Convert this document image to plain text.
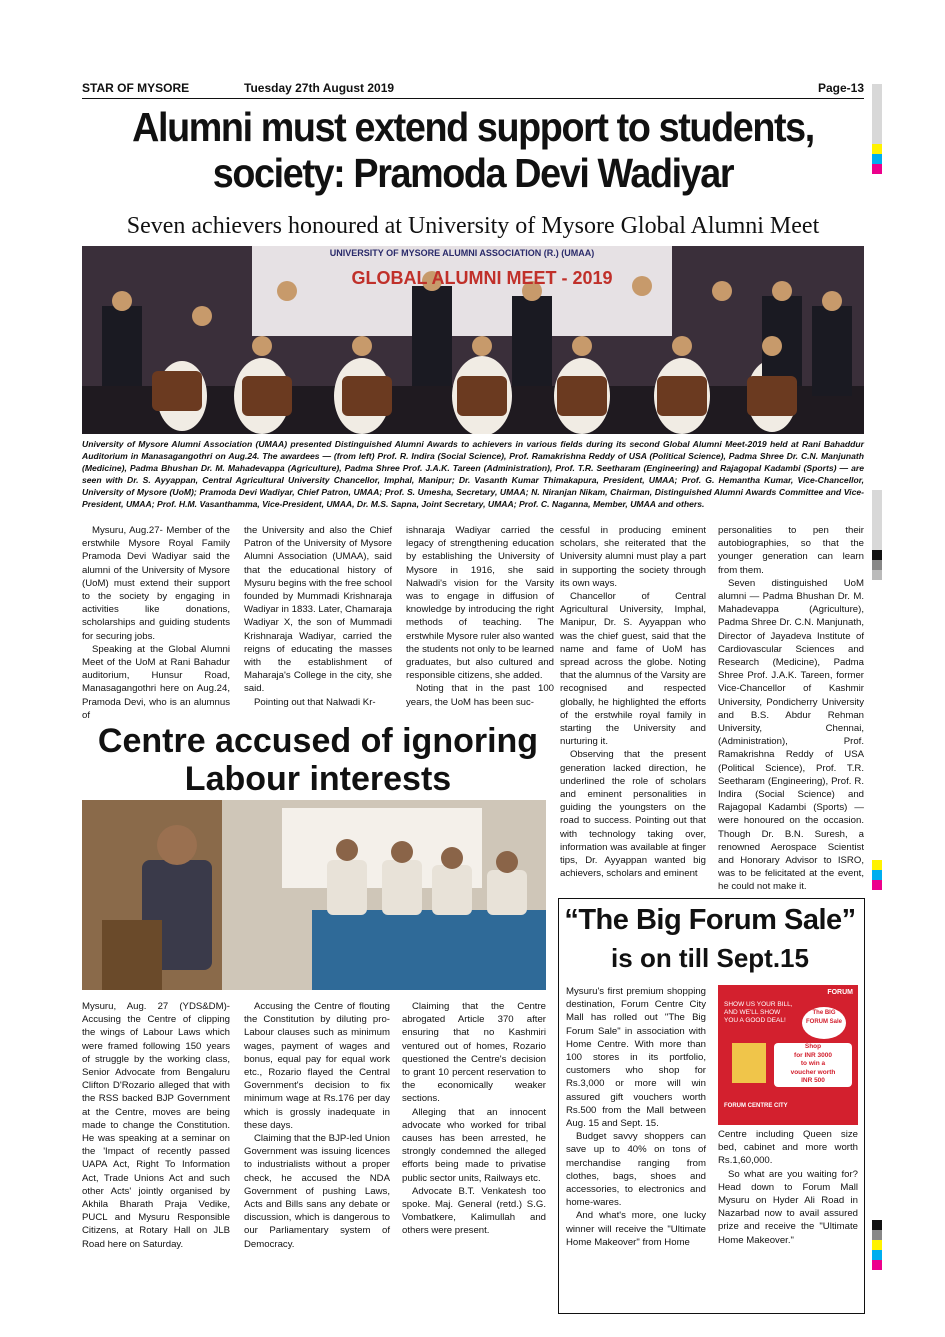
STAR OF MYSORE	Tuesday 27th August 2019	Page-13
Alumni must extend support to students,
society: Pramoda Devi Wadiyar
Seven achievers honoured at University of Mysore Global Alumni Meet
UNIVERSITY OF MYSORE ALUMNI ASSOCIATION (R.) (UMAA)
GLOBAL ALUMNI MEET - 2019
University of Mysore Alumni Association (UMAA) presented Distinguished Alumni Awards to achievers in various fields during its second Global Alumni Meet-2019 held at Rani Bahaddur Auditorium in Manasagangothri on Aug.24. The awardees — (from left) Prof. R. Indira (Social Science), Prof. Ramakrishna Reddy of USA (Political Science), Padma Shree Dr. C.N. Manjunath (Medicine), Padma Bhushan Dr. M. Mahadevappa (Agriculture), Padma Shree Prof. J.A.K. Tareen (Administration), Prof. T.R. Seetharam (Engineering) and Rajagopal Kadambi (Sports) — are seen with Dr. S. Ayyappan, Central Agricultural University Chancellor, Imphal, Manipur; Dr. Vasanth Kumar Thimakapura, President, UMAA; Prof. G. Hemantha Kumar, Vice-Chancellor, University of Mysore (UoM); Pramoda Devi Wadiyar, Chief Patron, UMAA; Prof. S. Umesha, Secretary, UMAA; N. Niranjan Nikam, Chairman, Distinguished Alumni Awards Committee and Vice-President, UMAA; Prof. H.M. Vasanthamma, Vice-President, UMAA, Dr. M.S. Sapna, Joint Secretary, UMAA; Prof. C. Naganna, Member, UMAA and others.

Mysuru, Aug.27- Member of the erstwhile Mysore Royal Family Pramoda Devi Wadiyar said the alumni of the University of Mysore (UoM) must extend their support to the society by engaging in activities like donations, scholarships and guiding students for securing jobs.

Speaking at the Global Alumni Meet of the UoM at Rani Bahadur auditorium, Hunsur Road, Manasagangothri here on Aug.24, Pramoda Devi, who is an alumnus of

the University and also the Chief Patron of the University of Mysore Alumni Association (UMAA), said that the educational history of Mysuru begins with the free school founded by Mummadi Krishnaraja Wadiyar in 1833. Later, Chamaraja Wadiyar X, the son of Mummadi Krishnaraja Wadiyar, carried the reigns of educating the masses with the establishment of Maharaja's College in the city, she said.

Pointing out that Nalwadi Kr-

ishnaraja Wadiyar carried the legacy of strengthening education by establishing the University of Mysore in 1916, she said Nalwadi's vision for the Varsity was to engage in diffusion of knowledge by introducing the right methods of teaching. The erstwhile Mysore ruler also wanted the students not only to be learned graduates, but also cultured and responsible citizens, she added.

Noting that in the past 100 years, the UoM has been suc-

cessful in producing eminent scholars, she reiterated that the University alumni must play a part in supporting the society through its own ways.

Chancellor of Central Agricultural University, Imphal, Manipur, Dr. S. Ayyappan who was the chief guest, said that the name and fame of UoM has spread across the globe. Noting that the alumnus of the Varsity are recognised and respected globally, he highlighted the efforts of the erstwhile royal family in starting the University and nurturing it.

Observing that the present generation lacked direction, he underlined the role of scholars and eminent personalities in guiding the youngsters on the road to success. Pointing out that with technology taking over, information was available at finger tips, Dr. Ayyappan wanted big achievers, scholars and eminent

personalities to pen their autobiographies, so that the younger generation can learn from them.

Seven distinguished UoM alumni — Padma Bhushan Dr. M. Mahadevappa (Agriculture), Padma Shree Dr. C.N. Manjunath, Director of Jayadeva Institute of Cardiovascular Sciences and Research (Medicine), Padma Shree Prof. J.A.K. Tareen, former Vice-Chancellor of Kashmir University, Pondicherry University and B.S. Abdur Rehman University, Chennai, (Administration), Prof. Ramakrishna Reddy of USA (Political Science), Prof. T.R. Seetharam (Engineering), Prof. R. Indira (Social Science) and Rajagopal Kadambi (Sports) — were honoured on the occasion. Though Dr. B.N. Suresh, a renowned Aerospace Scientist and Honorary Advisor to ISRO, was to be felicitated at the event, he could not make it.

Centre accused of ignoring
Labour interests

Mysuru, Aug. 27 (YDS&DM)- Accusing the Centre of clipping the wings of Labour Laws which were framed following 150 years of struggle by the working class, Senior Advocate from Bengaluru Clifton D'Rozario alleged that with the RSS backed BJP Government at the Centre, moves are being made to change the Constitution. He was speaking at a seminar on the 'Impact of recently passed UAPA Act, Right To Information Act, Trade Unions Act and such other Acts' jointly organised by Akhila Bharath Praja Vedike, PUCL and Mysuru Responsible Citizens, at Rotary Hall on JLB Road here on Saturday.

Accusing the Centre of flouting the Constitution by diluting pro-Labour clauses such as minimum wages, payment of wages and bonus, equal pay for equal work etc., Rozario flayed the Central Government's decision to fix minimum wage at Rs.176 per day which is grossly inadequate in these days.

Claiming that the BJP-led Union Government was issuing licences to industrialists without a proper check, he accused the NDA Government of pushing Laws, Acts and Bills sans any debate or discussion, which is dangerous to our Parliamentary system of Democracy.

Claiming that the Centre abrogated Article 370 after ensuring that no Kashmiri ventured out of homes, Rozario questioned the Centre's decision to grant 10 percent reservation to the economically weaker sections.

Alleging that an innocent advocate who worked for tribal causes has been arrested, he strongly condemned the alleged efforts being made to privatise public sector units, Railways etc.

Advocate B.T. Venkatesh too spoke. Maj. General (retd.) S.G. Vombatkere, Kalimullah and others were present.

“The Big Forum Sale”
is on till Sept.15

Mysuru's first premium shopping destination, Forum Centre City Mall has rolled out "The Big Forum Sale" in association with Home Centre. With more than 100 stores in its portfolio, customers who shop for Rs.3,000 or more will win assured gift vouchers worth Rs.500 from the Mall between Aug. 15 and Sept. 15.

Budget savvy shoppers can save up to 40% on tons of merchandise ranging from clothes, bags, shoes and accessories, to electronics and home-wares.

And what's more, one lucky winner will receive the "Ultimate Home Makeover" from Home

FORUM
SHOW US YOUR BILL,
AND WE'LL SHOW
YOU A GOOD DEAL!
The BIG FORUM Sale
Shop
for INR 3000
to win a
voucher worth
INR 500
FORUM CENTRE CITY

Centre including Queen size bed, cabinet and more worth Rs.1,60,000.

So what are you waiting for? Head down to Forum Mall Mysuru on Hyder Ali Road in Nazarbad now to avail assured prize and receive the "Ultimate Home Makeover."
